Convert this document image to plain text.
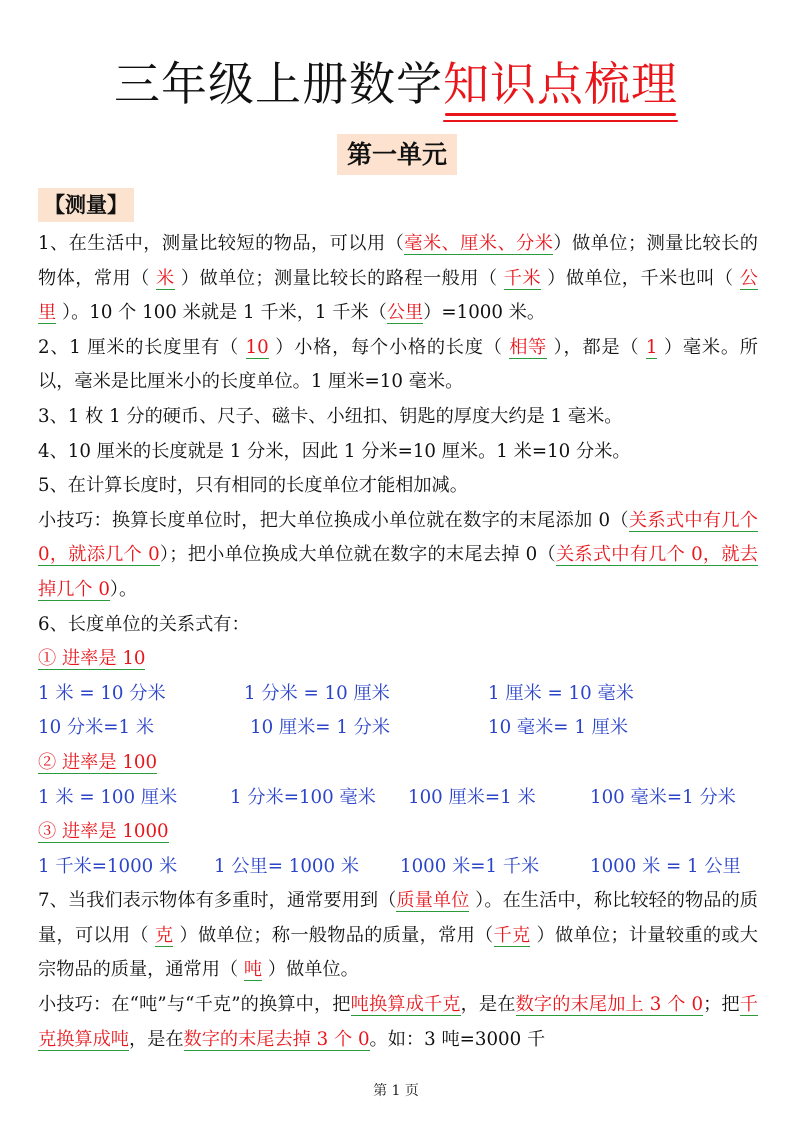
三年级上册数学知识点梳理
第一单元
【测量】

1、在生活中，测量比较短的物品，可以用（毫米、厘米、分米）做单位；测量比较长的物体，常用（ 米 ）做单位；测量比较长的路程一般用（ 千米 ）做单位，千米也叫（ 公里 ）。10 个 100 米就是 1 千米，1 千米（公里）=1000 米。

2、1 厘米的长度里有（ 10 ）小格，每个小格的长度（ 相等 ），都是（ 1 ）毫米。所以，毫米是比厘米小的长度单位。1 厘米=10 毫米。

3、1 枚 1 分的硬币、尺子、磁卡、小纽扣、钥匙的厚度大约是 1 毫米。

4、10 厘米的长度就是 1 分米，因此 1 分米=10 厘米。1 米=10 分米。

5、在计算长度时，只有相同的长度单位才能相加减。

小技巧：换算长度单位时，把大单位换成小单位就在数字的末尾添加 0（关系式中有几个 0，就添几个 0）；把小单位换成大单位就在数字的末尾去掉 0（关系式中有几个 0，就去掉几个 0）。

6、长度单位的关系式有：

① 进率是 10

1 米 = 10 分米	1 分米 = 10 厘米	1 厘米 = 10 毫米
10 分米=1 米	10 厘米= 1 分米	10 毫米= 1 厘米

② 进率是 100

1 米 = 100 厘米	1 分米=100 毫米	100 厘米=1 米	100 毫米=1 分米

③ 进率是 1000

1 千米=1000 米	1 公里= 1000 米	1000 米=1 千米	1000 米 = 1 公里

7、当我们表示物体有多重时，通常要用到（质量单位 ）。在生活中，称比较轻的物品的质量，可以用（ 克 ）做单位；称一般物品的质量，常用（千克 ）做单位；计量较重的或大宗物品的质量，通常用（ 吨 ）做单位。

小技巧：在“吨”与“千克”的换算中，把吨换算成千克，是在数字的末尾加上 3 个 0；把千克换算成吨，是在数字的末尾去掉 3 个 0。如：3 吨=3000 千

第 1 页
